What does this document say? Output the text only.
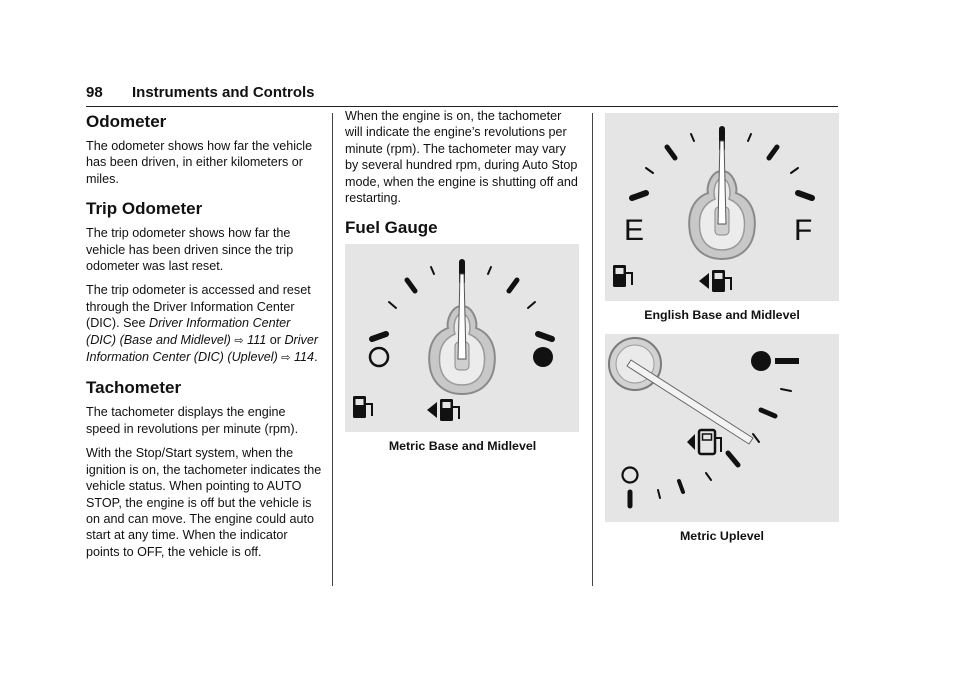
98 Instruments and Controls
Odometer

The odometer shows how far the vehicle has been driven, in either kilometers or miles.

Trip Odometer

The trip odometer shows how far the vehicle has been driven since the trip odometer was last reset.

The trip odometer is accessed and reset through the Driver Information Center (DIC). See Driver Information Center (DIC) (Base and Midlevel) ⇨ 111 or Driver Information Center (DIC) (Uplevel) ⇨ 114.

Tachometer

The tachometer displays the engine speed in revolutions per minute (rpm).

With the Stop/Start system, when the ignition is on, the tachometer indicates the vehicle status. When pointing to AUTO STOP, the engine is off but the vehicle is on and can move. The engine could auto start at any time. When the indicator points to OFF, the vehicle is off.

When the engine is on, the tachometer will indicate the engine’s revolutions per minute (rpm). The tachometer may vary by several hundred rpm, during Auto Stop mode, when the engine is shutting off and restarting.

Fuel Gauge
Metric Base and Midlevel
E	F
English Base and Midlevel
Metric Uplevel
